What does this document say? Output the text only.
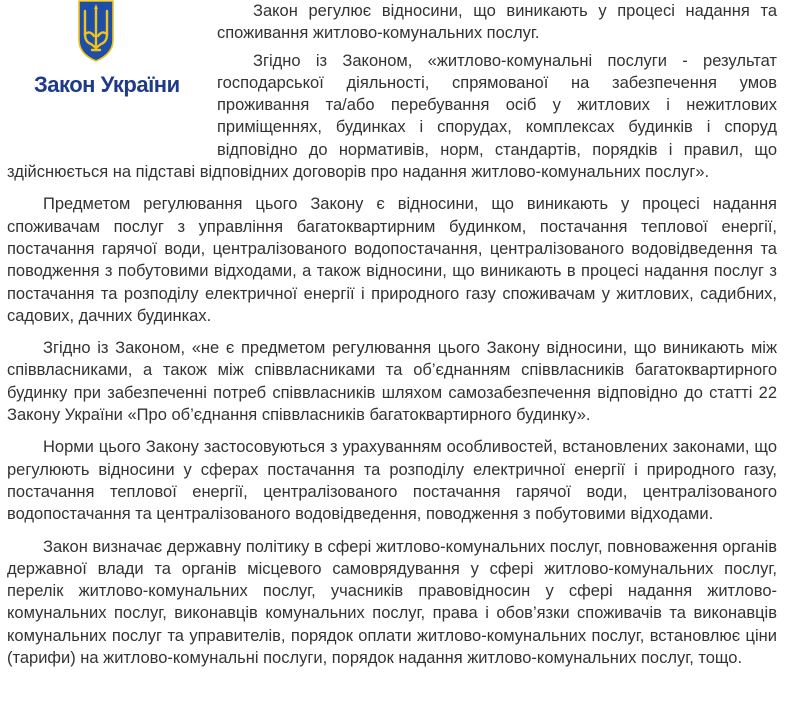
Закон України

Закон регулює відносини, що виникають у процесі надання та споживання житлово-комунальних послуг.

Згідно із Законом, «житлово-комунальні послуги - результат господарської діяльності, спрямованої на забезпечення умов проживання та/або перебування осіб у житлових і нежитлових приміщеннях, будинках і спорудах, комплексах будинків і споруд відповідно до нормативів, норм, стандартів, порядків і правил, що здійснюється на підставі відповідних договорів про надання житлово-комунальних послуг».

Предметом регулювання цього Закону є відносини, що виникають у процесі надання споживачам послуг з управління багатоквартирним будинком, постачання теплової енергії, постачання гарячої води, централізованого водопостачання, централізованого водовідведення та поводження з побутовими відходами, а також відносини, що виникають в процесі надання послуг з постачання та розподілу електричної енергії і природного газу споживачам у житлових, садибних, садових, дачних будинках.

Згідно із Законом, «не є предметом регулювання цього Закону відносини, що виникають між співвласниками, а також між співвласниками та об’єднанням співвласників багатоквартирного будинку при забезпеченні потреб співвласників шляхом самозабезпечення відповідно до статті 22 Закону України «Про об’єднання співвласників багатоквартирного будинку».

Норми цього Закону застосовуються з урахуванням особливостей, встановлених законами, що регулюють відносини у сферах постачання та розподілу електричної енергії і природного газу, постачання теплової енергії, централізованого постачання гарячої води, централізованого водопостачання та централізованого водовідведення, поводження з побутовими відходами.

Закон визначає державну політику в сфері житлово-комунальних послуг, повноваження органів державної влади та органів місцевого самоврядування у сфері житлово-комунальних послуг, перелік житлово-комунальних послуг, учасників правовідносин у сфері надання житлово-комунальних послуг, виконавців комунальних послуг, права і обов’язки споживачів та виконавців комунальних послуг та управителів, порядок оплати житлово-комунальних послуг, встановлює ціни (тарифи) на житлово-комунальні послуги, порядок надання житлово-комунальних послуг, тощо.
